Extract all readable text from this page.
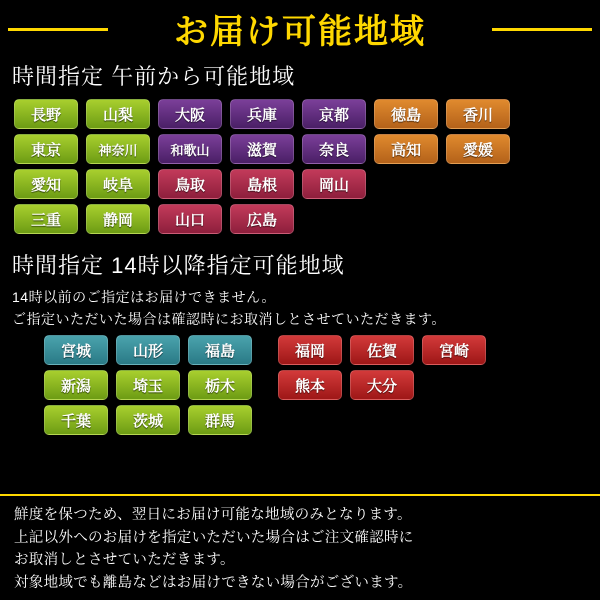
お届け可能地域
時間指定 午前から可能地域
長野	山梨	大阪	兵庫	京都	徳島	香川
東京	神奈川	和歌山	滋賀	奈良	高知	愛媛
愛知	岐阜	鳥取	島根	岡山
三重	静岡	山口	広島
時間指定 14時以降指定可能地域
14時以前のご指定はお届けできません。
ご指定いただいた場合は確認時にお取消しとさせていただきます。
宮城	山形	福島
新潟	埼玉	栃木
千葉	茨城	群馬
福岡	佐賀	宮崎
熊本	大分
鮮度を保つため、翌日にお届け可能な地域のみとなります。
上記以外へのお届けを指定いただいた場合はご注文確認時に
お取消しとさせていただきます。
対象地域でも離島などはお届けできない場合がございます。
